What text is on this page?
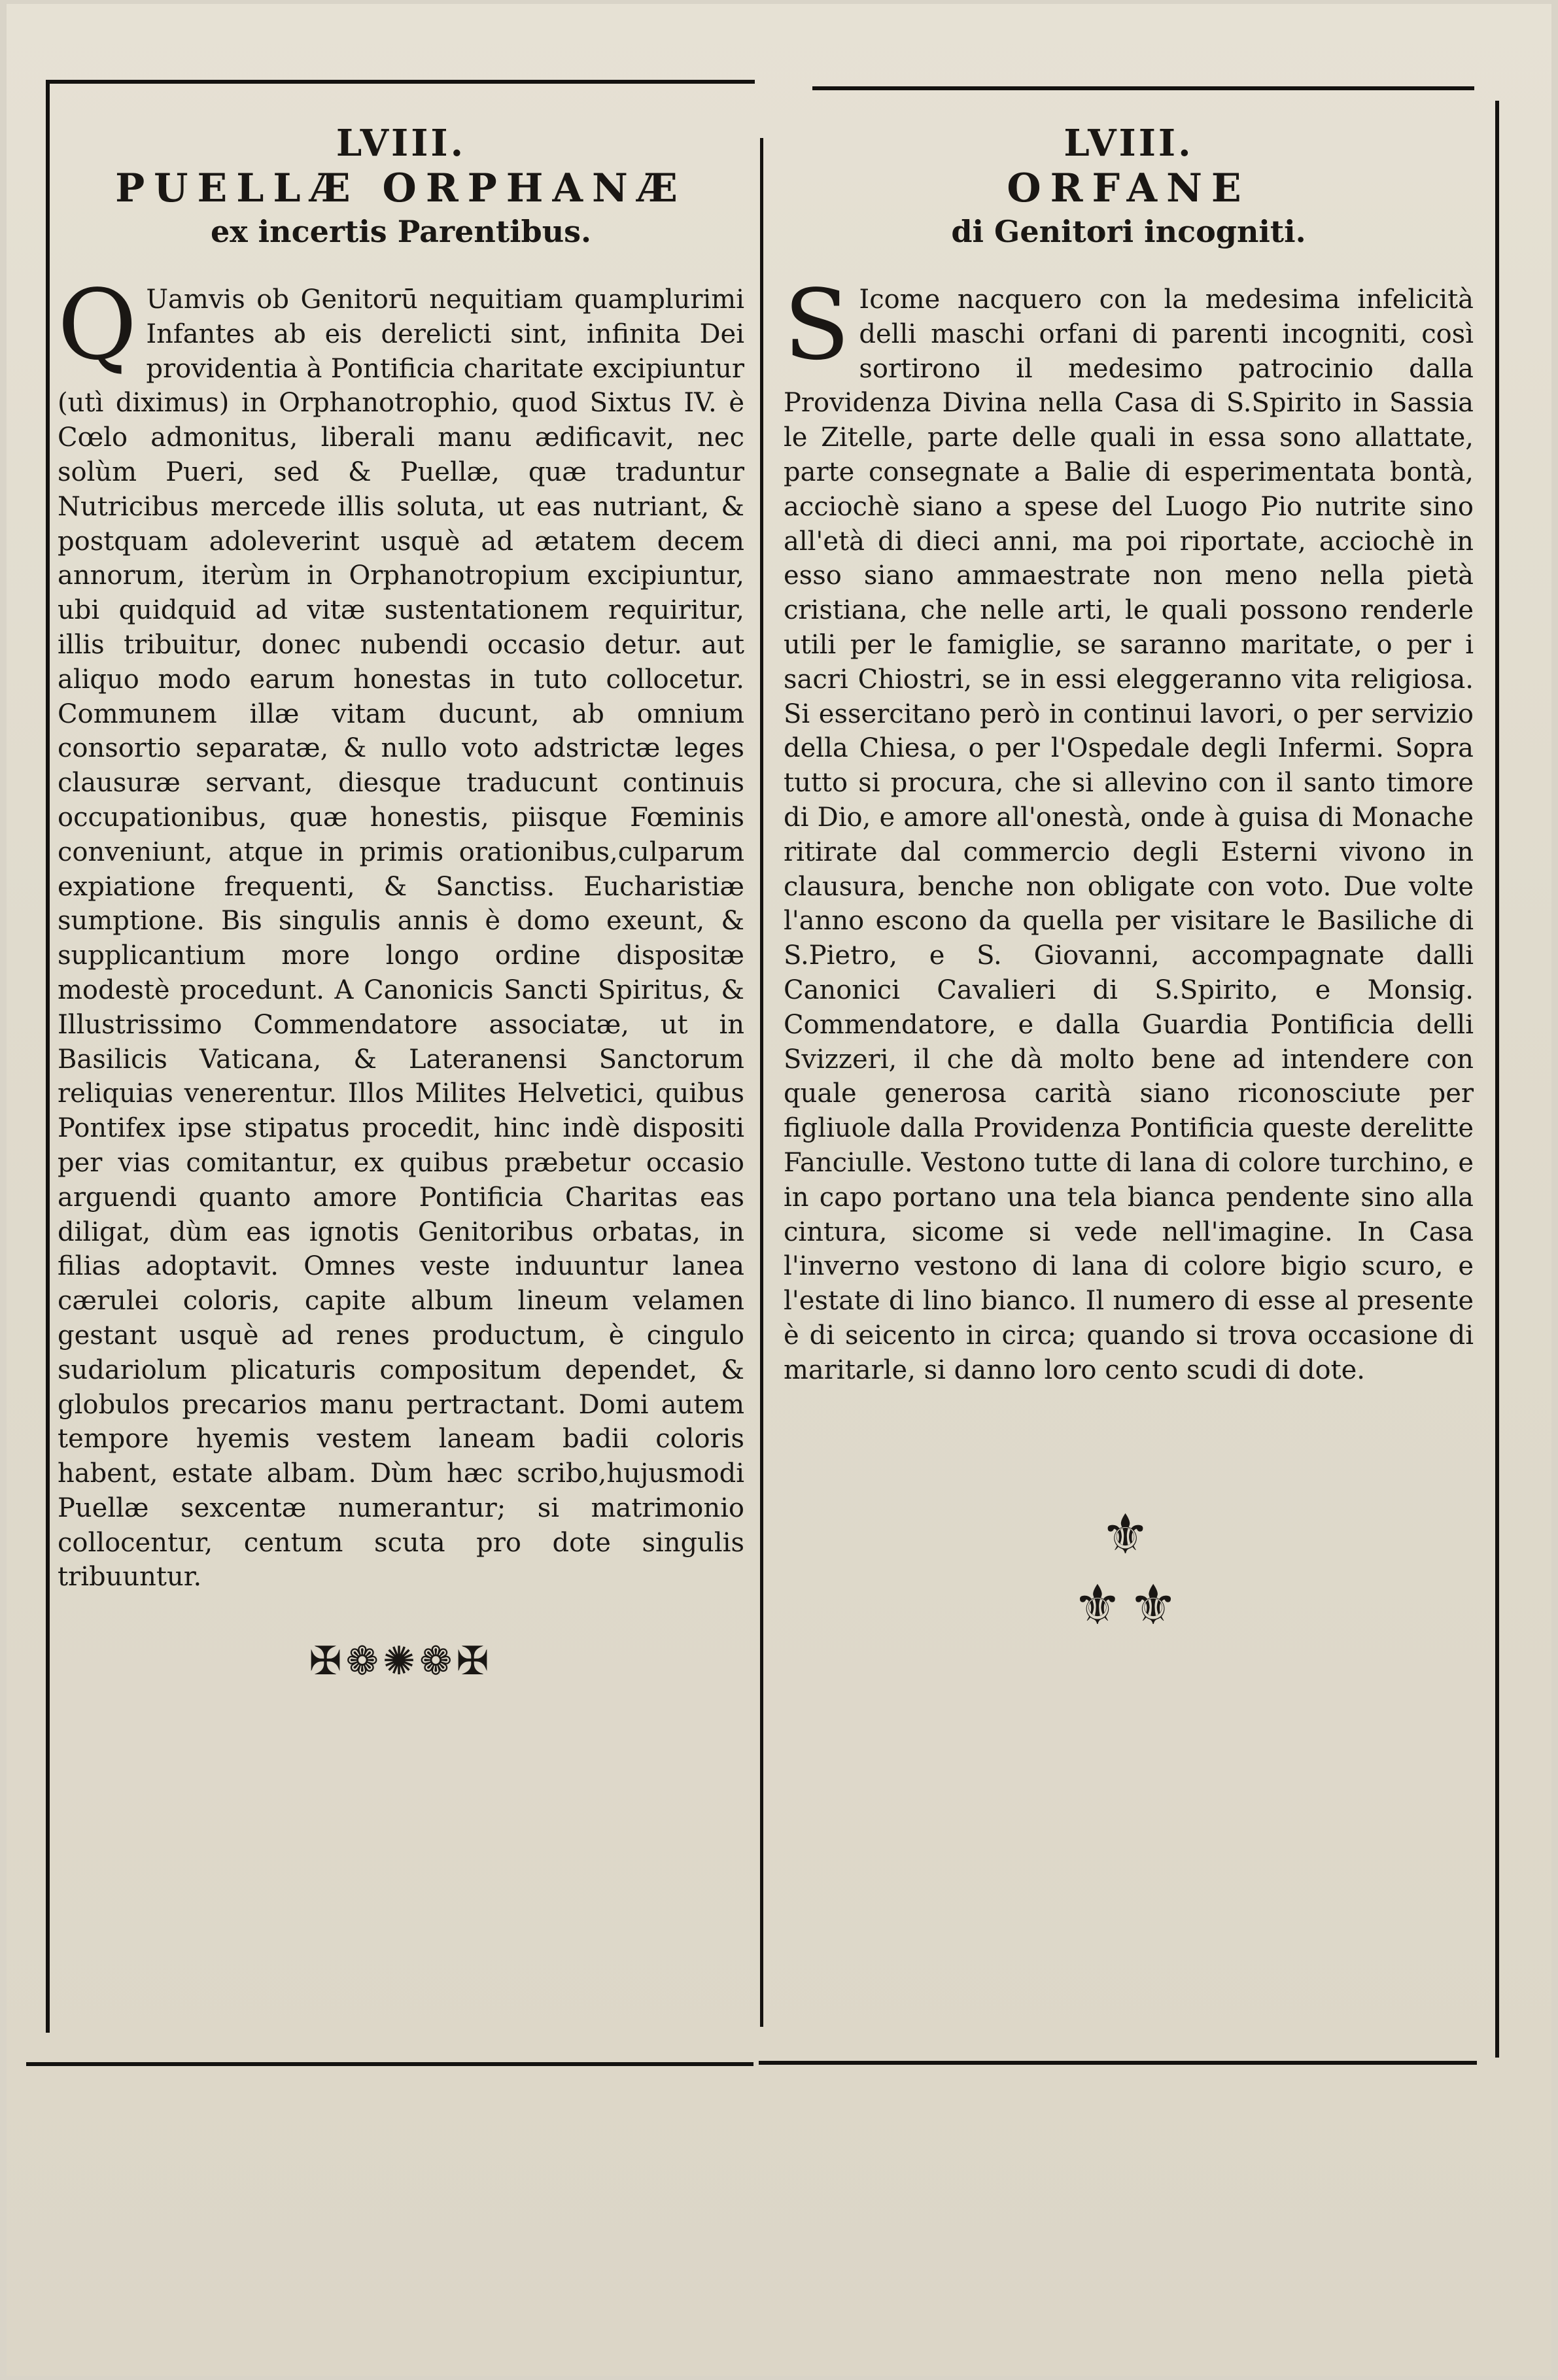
LVIII.
PUELLÆ ORPHANÆ
ex incertis Parentibus.
Q Uamvis ob Genitorū nequitiam quamplurimi Infantes ab eis derelicti sint, infinita Dei providentia à Pontificia charitate excipiuntur (utì diximus) in Orphanotrophio, quod Sixtus IV. è Cœlo admonitus, liberali manu ædificavit, nec solùm Pueri, sed & Puellæ, quæ traduntur Nutricibus mercede illis soluta, ut eas nutriant, & postquam adoleverint usquè ad ætatem decem annorum, iterùm in Orphanotropium excipiuntur, ubi quidquid ad vitæ sustentationem requiritur, illis tribuitur, donec nubendi occasio detur. aut aliquo modo earum honestas in tuto collocetur. Communem illæ vitam ducunt, ab omnium consortio separatæ, & nullo voto adstrictæ leges clausuræ servant, diesque traducunt continuis occupationibus, quæ honestis, piisque Fœminis conveniunt, atque in primis orationibus,culparum expiatione frequenti, & Sanctiss. Eucharistiæ sumptione. Bis singulis annis è domo exeunt, & supplicantium more longo ordine dispositæ modestè procedunt. A Canonicis Sancti Spiritus, & Illustrissimo Commendatore associatæ, ut in Basilicis Vaticana, & Lateranensi Sanctorum reliquias venerentur. Illos Milites Helvetici, quibus Pontifex ipse stipatus procedit, hinc indè dispositi per vias comitantur, ex quibus præbetur occasio arguendi quanto amore Pontificia Charitas eas diligat, dùm eas ignotis Genitoribus orbatas, in filias adoptavit. Omnes veste induuntur lanea cærulei coloris, capite album lineum velamen gestant usquè ad renes productum, è cingulo sudariolum plicaturis compositum dependet, & globulos precarios manu pertractant. Domi autem tempore hyemis vestem laneam badii coloris habent, estate albam. Dùm hæc scribo,hujusmodi Puellæ sexcentæ numerantur; si matrimonio collocentur, centum scuta pro dote singulis tribuuntur.
✠❁✺❁✠
LVIII.
ORFANE
di Genitori incogniti.
S Icome nacquero con la medesima infelicità delli maschi orfani di parenti incogniti, così sortirono il medesimo patrocinio dalla Providenza Divina nella Casa di S.Spirito in Sassia le Zitelle, parte delle quali in essa sono allattate, parte consegnate a Balie di esperimentata bontà, acciochè siano a spese del Luogo Pio nutrite sino all'età di dieci anni, ma poi riportate, acciochè in esso siano ammaestrate non meno nella pietà cristiana, che nelle arti, le quali possono renderle utili per le famiglie, se saranno maritate, o per i sacri Chiostri, se in essi eleggeranno vita religiosa. Si essercitano però in continui lavori, o per servizio della Chiesa, o per l'Ospedale degli Infermi. Sopra tutto si procura, che si allevino con il santo timore di Dio, e amore all'onestà, onde à guisa di Monache ritirate dal commercio degli Esterni vivono in clausura, benche non obligate con voto. Due volte l'anno escono da quella per visitare le Basiliche di S.Pietro, e S. Giovanni, accompagnate dalli Canonici Cavalieri di S.Spirito, e Monsig. Commendatore, e dalla Guardia Pontificia delli Svizzeri, il che dà molto bene ad intendere con quale generosa carità siano riconosciute per figliuole dalla Providenza Pontificia queste derelitte Fanciulle. Vestono tutte di lana di colore turchino, e in capo portano una tela bianca pendente sino alla cintura, sicome si vede nell'imagine. In Casa l'inverno vestono di lana di colore bigio scuro, e l'estate di lino bianco. Il numero di esse al presente è di seicento in circa; quando si trova occasione di maritarle, si danno loro cento scudi di dote.
⚜
⚜⚜
